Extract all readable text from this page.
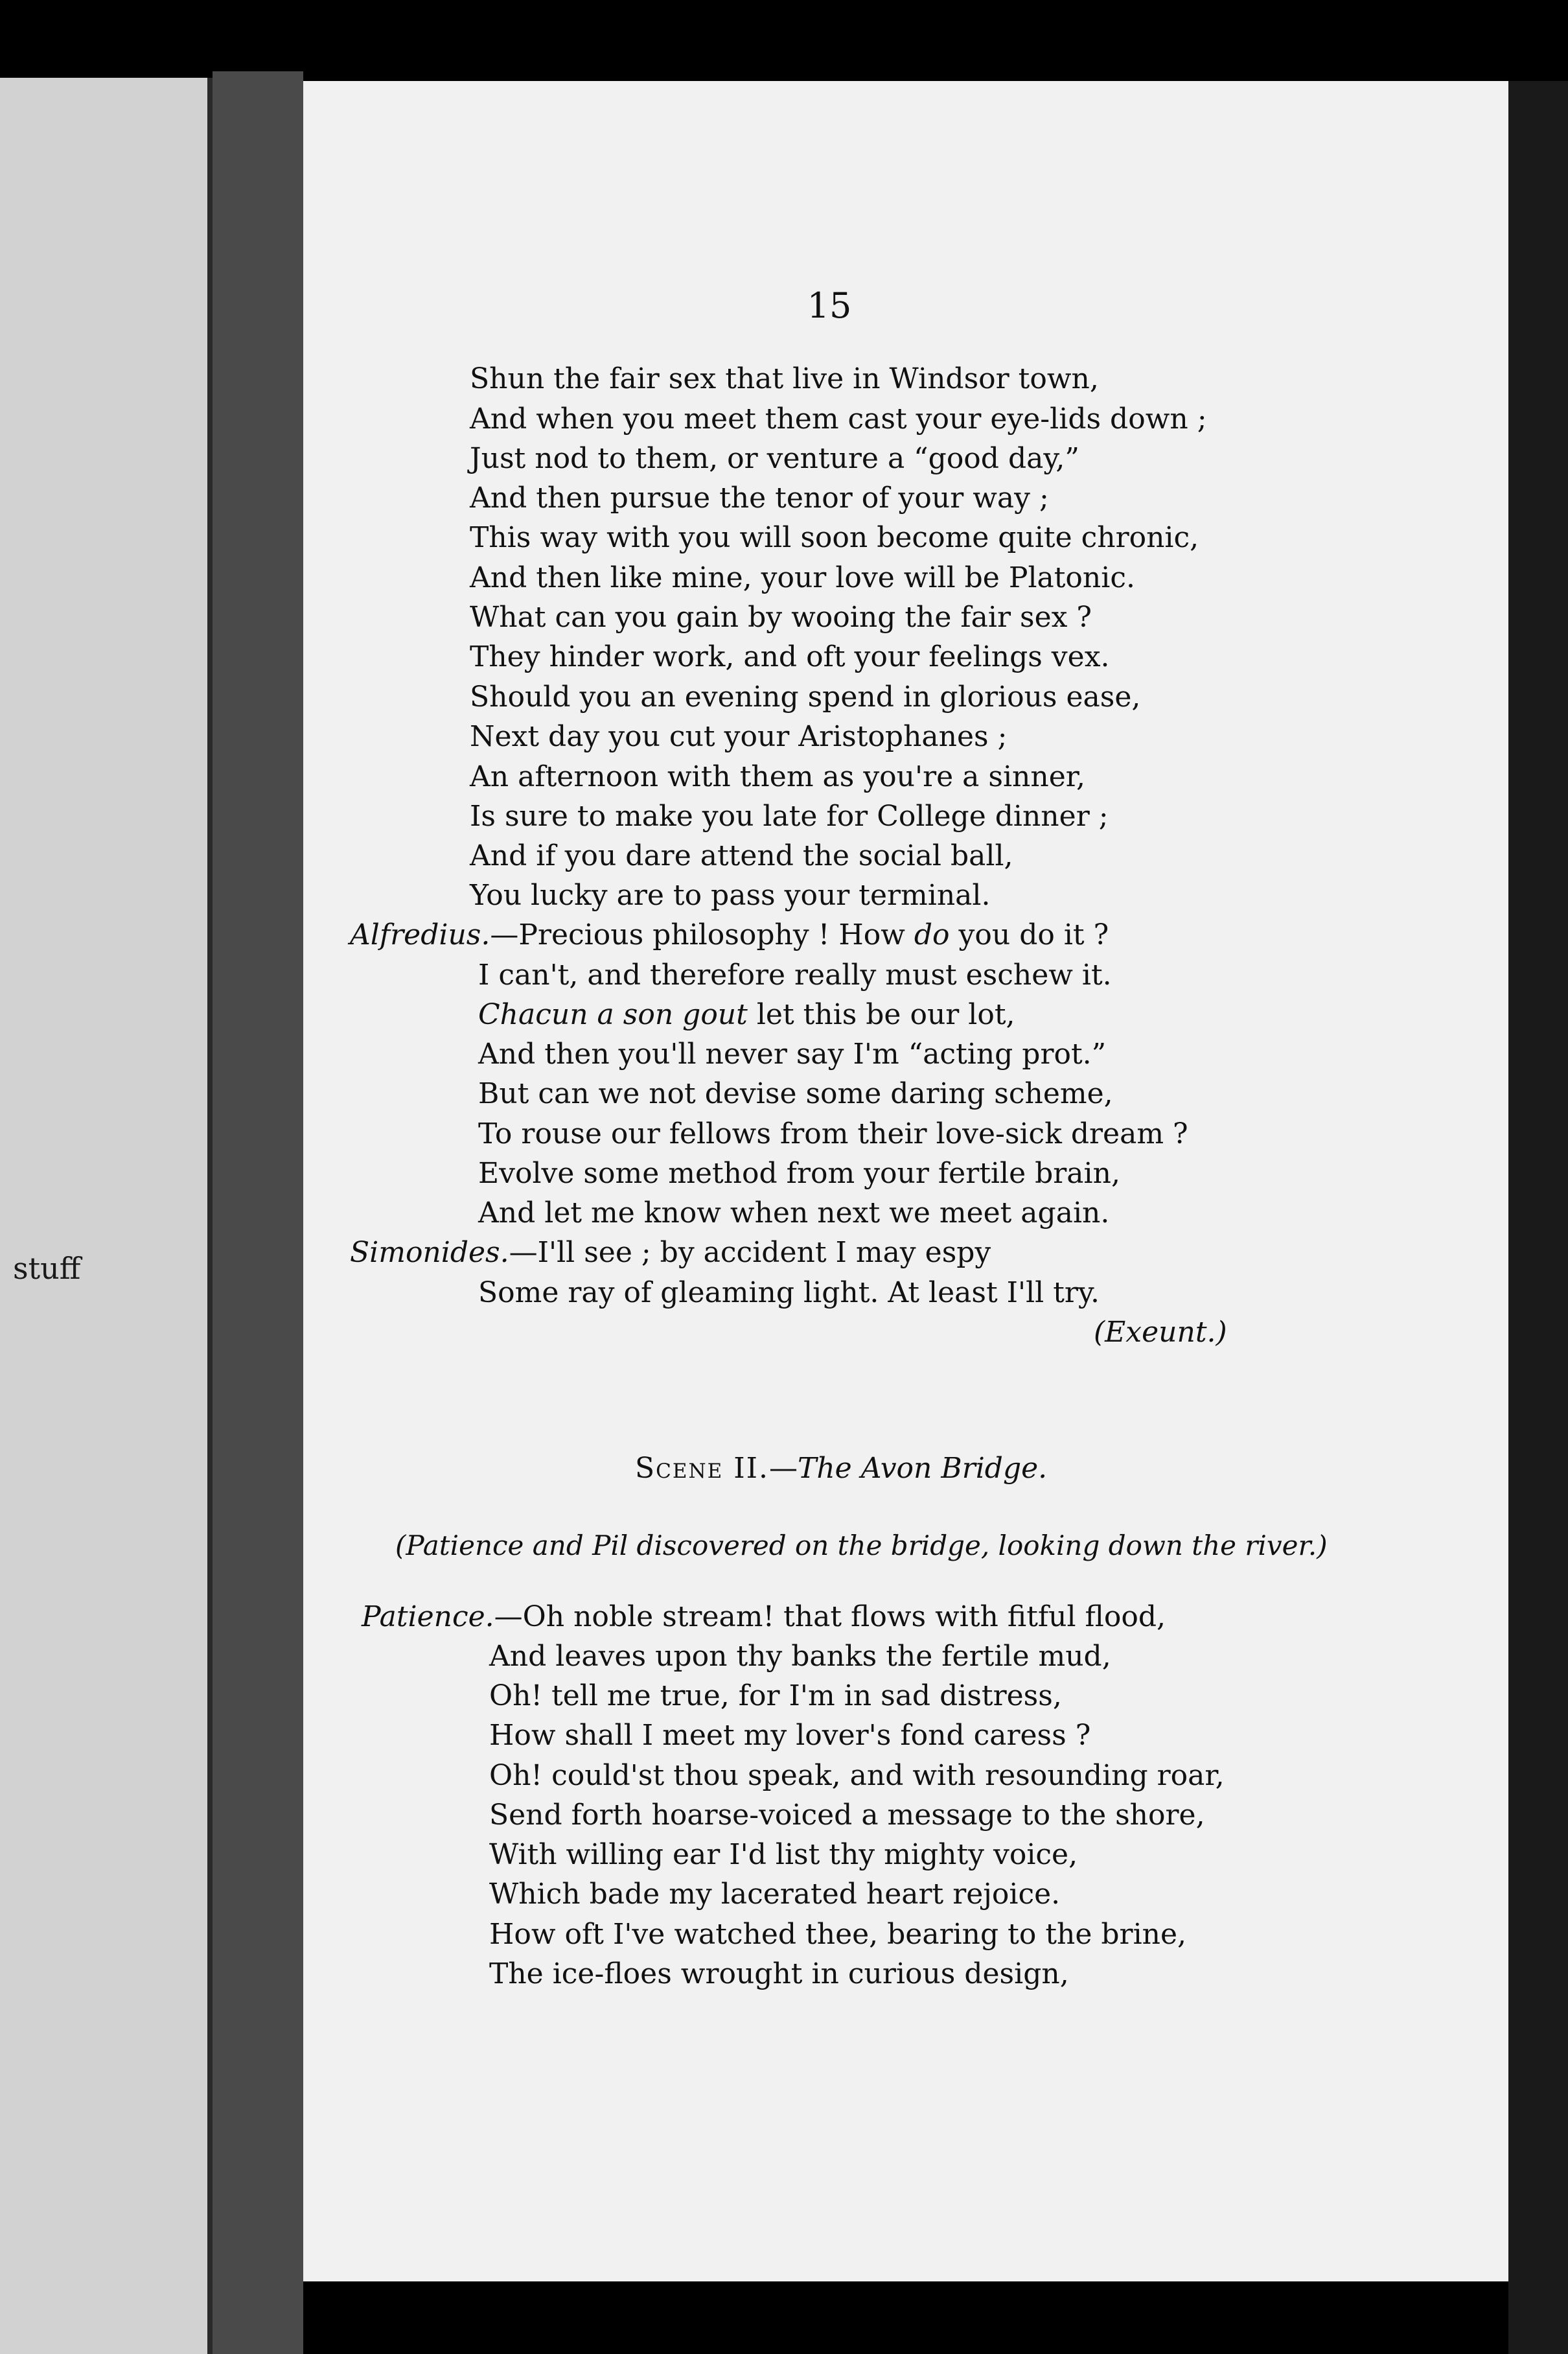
stuff
15
Shun the fair sex that live in Windsor town,
And when you meet them cast your eye-lids down ;
Just nod to them, or venture a “good day,”
And then pursue the tenor of your way ;
This way with you will soon become quite chronic,
And then like mine, your love will be Platonic.
What can you gain by wooing the fair sex ?
They hinder work, and oft your feelings vex.
Should you an evening spend in glorious ease,
Next day you cut your Aristophanes ;
An afternoon with them as you're a sinner,
Is sure to make you late for College dinner ;
And if you dare attend the social ball,
You lucky are to pass your terminal.
Alfredius.—Precious philosophy ! How do you do it ?
I can't, and therefore really must eschew it.
Chacun a son gout let this be our lot,
And then you'll never say I'm “acting prot.”
But can we not devise some daring scheme,
To rouse our fellows from their love-sick dream ?
Evolve some method from your fertile brain,
And let me know when next we meet again.
Simonides.—I'll see ; by accident I may espy
Some ray of gleaming light. At least I'll try.
(Exeunt.)
Scene II.—The Avon Bridge.
(Patience and Pil discovered on the bridge, looking down the river.)
Patience.—Oh noble stream! that flows with fitful flood,
And leaves upon thy banks the fertile mud,
Oh! tell me true, for I'm in sad distress,
How shall I meet my lover's fond caress ?
Oh! could'st thou speak, and with resounding roar,
Send forth hoarse-voiced a message to the shore,
With willing ear I'd list thy mighty voice,
Which bade my lacerated heart rejoice.
How oft I've watched thee, bearing to the brine,
The ice-floes wrought in curious design,
